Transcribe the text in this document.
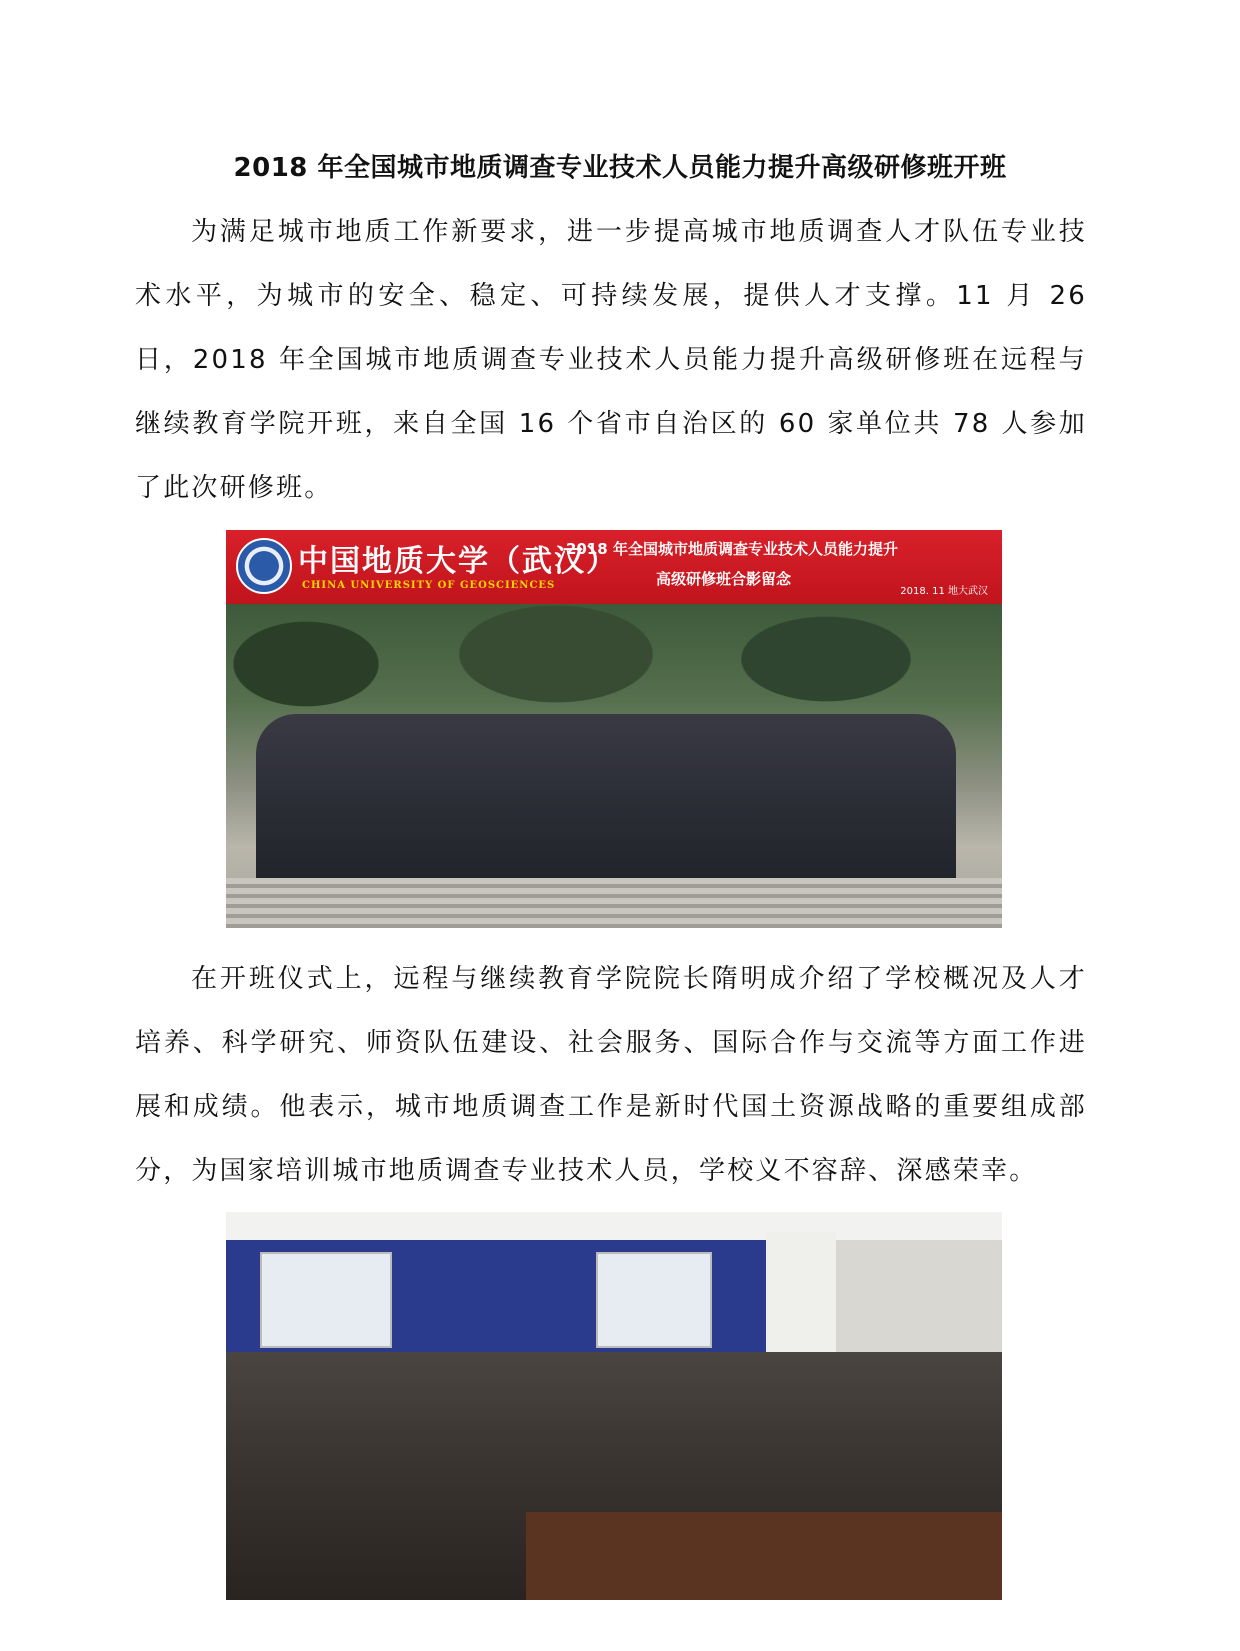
2018 年全国城市地质调查专业技术人员能力提升高级研修班开班

为满足城市地质工作新要求，进一步提高城市地质调查人才队伍专业技术水平，为城市的安全、稳定、可持续发展，提供人才支撑。11 月 26 日，2018 年全国城市地质调查专业技术人员能力提升高级研修班在远程与继续教育学院开班，来自全国 16 个省市自治区的 60 家单位共 78 人参加了此次研修班。

中国地质大学（武汉）
CHINA UNIVERSITY OF GEOSCIENCES
2018 年全国城市地质调查专业技术人员能力提升
高级研修班合影留念
2018. 11 地大武汉

在开班仪式上，远程与继续教育学院院长隋明成介绍了学校概况及人才培养、科学研究、师资队伍建设、社会服务、国际合作与交流等方面工作进展和成绩。他表示，城市地质调查工作是新时代国土资源战略的重要组成部分，为国家培训城市地质调查专业技术人员，学校义不容辞、深感荣幸。
